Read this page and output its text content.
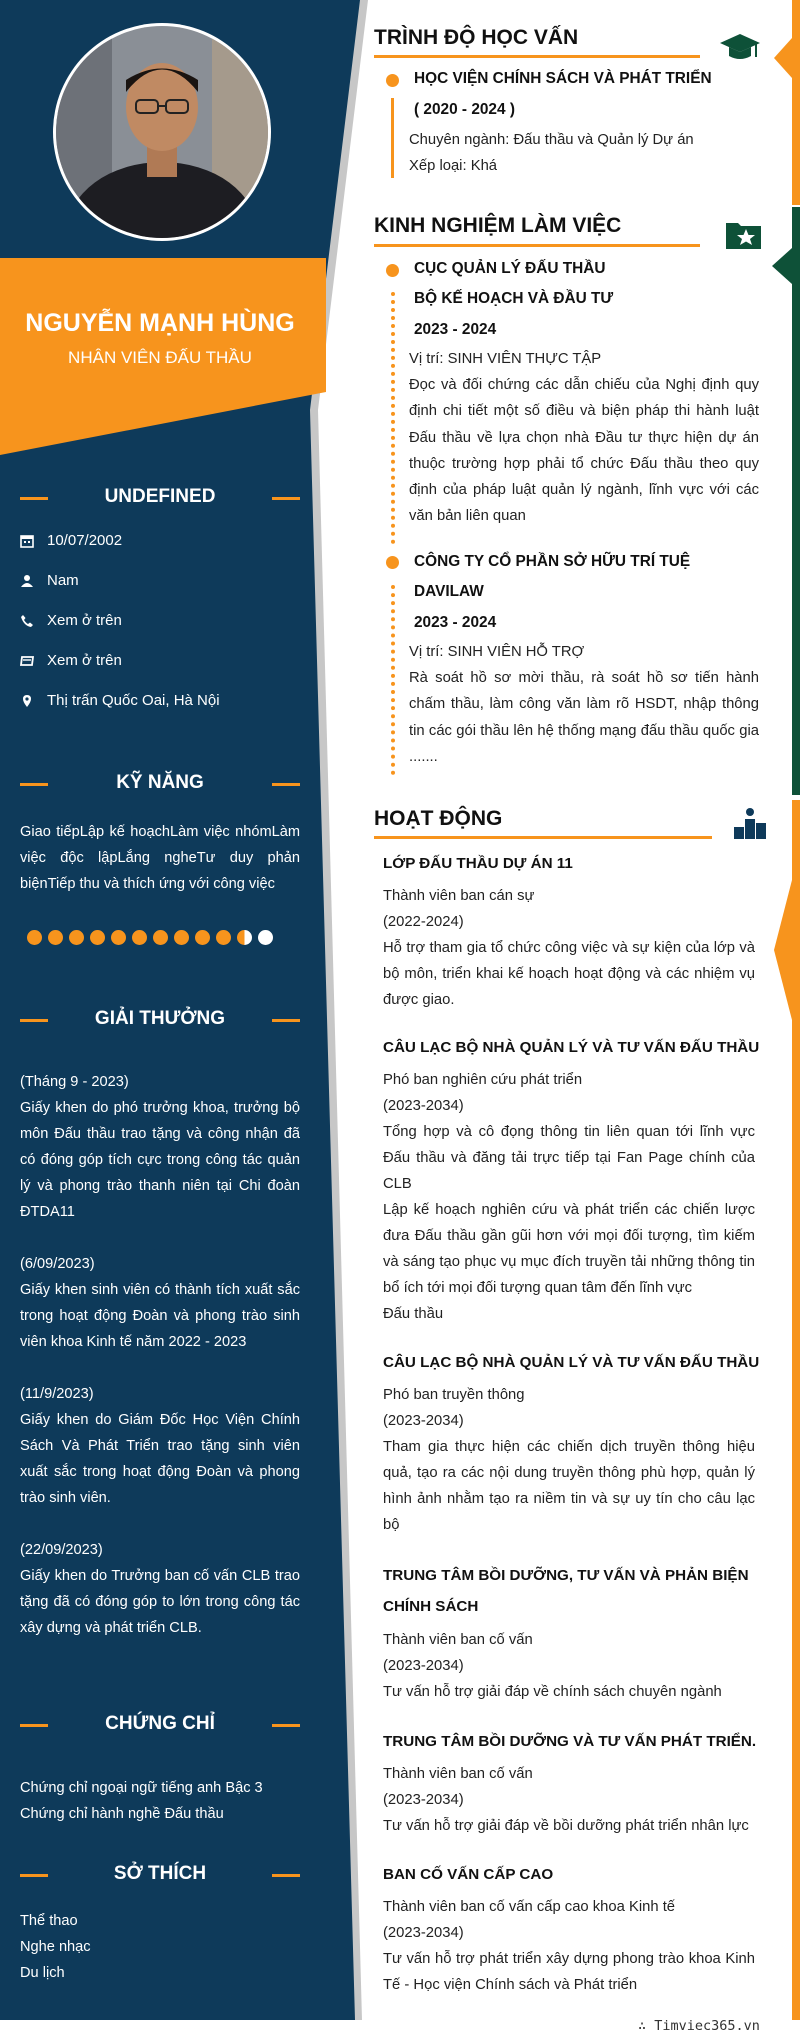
NGUYỄN MẠNH HÙNG
NHÂN VIÊN ĐẤU THẦU
UNDEFINED
10/07/2002
Nam
Xem ở trên
Xem ở trên
Thị trấn Quốc Oai, Hà Nội
KỸ NĂNG
Giao tiếpLập kế hoạchLàm việc nhómLàm việc độc lậpLắng ngheTư duy phản biệnTiếp thu và thích ứng với công việc
GIẢI THƯỞNG
(Tháng 9 - 2023)
Giấy khen do phó trưởng khoa, trưởng bộ môn Đấu thầu trao tặng và công nhận đã có đóng góp tích cực trong công tác quản lý và phong trào thanh niên tại Chi đoàn ĐTDA11
(6/09/2023)
Giấy khen sinh viên có thành tích xuất sắc trong hoạt động Đoàn và phong trào sinh viên khoa Kinh tế năm 2022 - 2023
(11/9/2023)
Giấy khen do Giám Đốc Học Viện Chính Sách Và Phát Triển trao tặng sinh viên xuất sắc trong hoạt động Đoàn và phong trào sinh viên.
(22/09/2023)
Giấy khen do Trưởng ban cố vấn CLB trao tặng đã có đóng góp to lớn trong công tác xây dựng và phát triển CLB.
CHỨNG CHỈ
Chứng chỉ ngoại ngữ tiếng anh Bậc 3
Chứng chỉ hành nghề Đấu thầu
SỞ THÍCH
Thể thao
Nghe nhạc
Du lịch
TRÌNH ĐỘ HỌC VẤN
HỌC VIỆN CHÍNH SÁCH VÀ PHÁT TRIỂN
( 2020 - 2024 )
Chuyên ngành: Đấu thầu và Quản lý Dự án
Xếp loại: Khá
KINH NGHIỆM LÀM VIỆC
CỤC QUẢN LÝ ĐẤU THẦU
BỘ KẾ HOẠCH VÀ ĐẦU TƯ
2023 - 2024
Vị trí: SINH VIÊN THỰC TẬP
Đọc và đối chứng các dẫn chiếu của Nghị định quy định chi tiết một số điều và biện pháp thi hành luật Đấu thầu về lựa chọn nhà Đầu tư thực hiện dự án thuộc trường hợp phải tổ chức Đấu thầu theo quy định của pháp luật quản lý ngành, lĩnh vực với các văn bản liên quan
CÔNG TY CỔ PHẦN SỞ HỮU TRÍ TUỆ
DAVILAW
2023 - 2024
Vị trí: SINH VIÊN HỖ TRỢ
Rà soát hồ sơ mời thầu, rà soát hồ sơ tiến hành chấm thầu, làm công văn làm rõ HSDT, nhập thông tin các gói thầu lên hệ thống mạng đấu thầu quốc gia .......
HOẠT ĐỘNG
LỚP ĐẤU THẦU DỰ ÁN 11
Thành viên ban cán sự
(2022-2024)
Hỗ trợ tham gia tổ chức công việc và sự kiện của lớp và bộ môn, triển khai kế hoạch hoạt động và các nhiệm vụ được giao.
CÂU LẠC BỘ NHÀ QUẢN LÝ VÀ TƯ VẤN ĐẤU THẦU
Phó ban nghiên cứu phát triển
(2023-2034)
Tổng hợp và cô đọng thông tin liên quan tới lĩnh vực Đấu thầu và đăng tải trực tiếp tại Fan Page chính của CLB
Lập kế hoạch nghiên cứu và phát triển các chiến lược đưa Đấu thầu gần gũi hơn với mọi đối tượng, tìm kiếm và sáng tạo phục vụ mục đích truyền tải những thông tin bổ ích tới mọi đối tượng quan tâm đến lĩnh vực
Đấu thầu
CÂU LẠC BỘ NHÀ QUẢN LÝ VÀ TƯ VẤN ĐẤU THẦU
Phó ban truyền thông
(2023-2034)
Tham gia thực hiện các chiến dịch truyền thông hiệu quả, tạo ra các nội dung truyền thông phù hợp, quản lý hình ảnh nhằm tạo ra niềm tin và sự uy tín cho câu lạc bộ
TRUNG TÂM BỒI DƯỠNG, TƯ VẤN VÀ PHẢN BIỆN CHÍNH SÁCH
Thành viên ban cố vấn
(2023-2034)
Tư vấn hỗ trợ giải đáp về chính sách chuyên ngành
TRUNG TÂM BỒI DƯỠNG VÀ TƯ VẤN PHÁT TRIỂN.
Thành viên ban cố vấn
(2023-2034)
Tư vấn hỗ trợ giải đáp về bồi dưỡng phát triển nhân lực
BAN CỐ VẤN CẤP CAO
Thành viên ban cố vấn cấp cao khoa Kinh tế
(2023-2034)
Tư vấn hỗ trợ phát triển xây dựng phong trào khoa Kinh Tế - Học viện Chính sách và Phát triển
∴ Timviec365.vn
